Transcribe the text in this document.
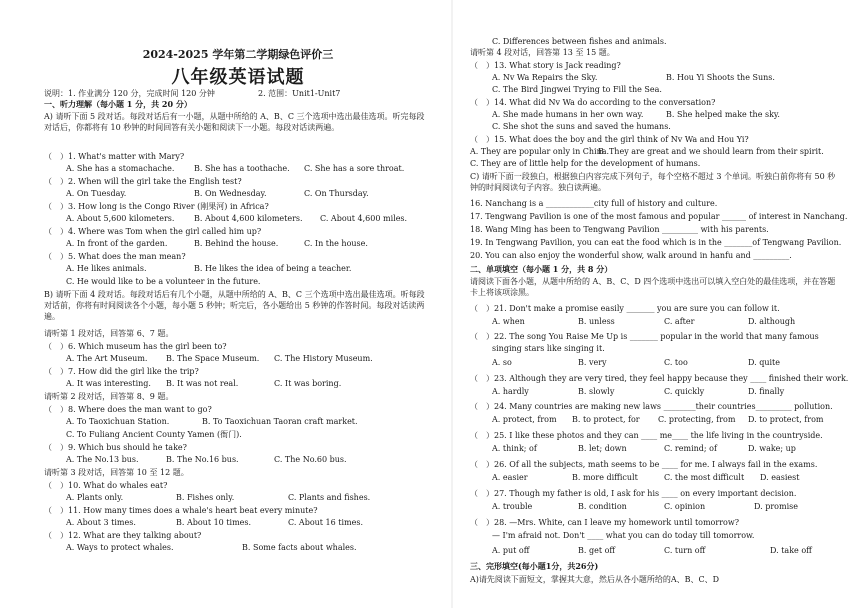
2024-2025 学年第二学期绿色评价三
八年级英语试题
说明：1. 作业满分 120 分，完成时间 120 分钟	2. 范围：Unit1-Unit7
一、听力理解（每小题 1 分，共 20 分）
A) 请听下面 5 段对话。每段对话后有一小题，从题中所给的 A、B、C 三个选项中选出最佳选项。听完每段对话后，你都将有 10 秒钟的时间回答有关小题和阅读下一小题。每段对话读两遍。
（　）1. What's matter with Mary?
A. She has a stomachache. B. She has a toothache. C. She has a sore throat.
（　）2. When will the girl take the English test?
A. On Tuesday.	B. On Wednesday.	C. On Thursday.
（　）3. How long is the Congo River (刚果河) in Africa?
A. About 5,600 kilometers. B. About 4,600 kilometers. C. About 4,600 miles.
（　）4. Where was Tom when the girl called him up?
A. In front of the garden.	B. Behind the house.	C. In the house.
（　）5. What does the man mean?
A. He likes animals.	B. He likes the idea of being a teacher.
C. He would like to be a volunteer in the future.
B) 请听下面 4 段对话。每段对话后有几个小题，从题中所给的 A、B、C 三个选项中选出最佳选项。听每段对话前，你将有时间阅读各个小题，每小题 5 秒钟；听完后，各小题给出 5 秒钟的作答时间。每段对话读两遍。
请听第 1 段对话，回答第 6、7 题。
（　）6. Which museum has the girl been to?
A. The Art Museum. B. The Space Museum. C. The History Museum.
（　）7. How did the girl like the trip?
A. It was interesting. B. It was not real.	C. It was boring.
请听第 2 段对话，回答第 8、9 题。
（　）8. Where does the man want to go?
A. To Taoxichuan Station.	B. To Taoxichuan Taoran craft market.
C. To Fuliang Ancient County Yamen (衙门).
（　）9. Which bus should he take?
A. The No.13 bus.	B. The No.16 bus.	C. The No.60 bus.
请听第 3 段对话，回答第 10 至 12 题。
（　）10. What do whales eat?
A. Plants only.	B. Fishes only.	C. Plants and fishes.
（　）11. How many times does a whale's heart beat every minute?
A. About 3 times.	B. About 10 times.	C. About 16 times.
（　）12. What are they talking about?
A. Ways to protect whales.	B. Some facts about whales.
C. Differences between fishes and animals.
请听第 4 段对话，回答第 13 至 15 题。
（　）13. What story is Jack reading?
A. Nv Wa Repairs the Sky.	B. Hou Yi Shoots the Suns.
C. The Bird Jingwei Trying to Fill the Sea.
（　）14. What did Nv Wa do according to the conversation?
A. She made humans in her own way.	B. She helped make the sky.
C. She shot the suns and saved the humans.
（　）15. What does the boy and the girl think of Nv Wa and Hou Yi?
A. They are popular only in China.
B. They are great and we should learn from their spirit.
C. They are of little help for the development of humans.
C) 请听下面一段独白，根据独白内容完成下列句子，每个空格不超过 3 个单词。听独白前你将有 50 秒钟的时间阅读句子内容。独白读两遍。
16. Nanchang is a ____________city full of history and culture.
17. Tengwang Pavilion is one of the most famous and popular ______ of interest in Nanchang.
18. Wang Ming has been to Tengwang Pavilion _________ with his parents.
19. In Tengwang Pavilion, you can eat the food which is in the _______of Tengwang Pavilion.
20. You can also enjoy the wonderful show, walk around in hanfu and _________.
二、单项填空（每小题 1 分，共 8 分）
请阅读下面各小题，从题中所给的 A、B、C、D 四个选项中选出可以填入空白处的最佳选项，并在答题卡上将该项涂黑。
（　）21. Don't make a promise easily _______ you are sure you can follow it.
A. when	B. unless	C. after	D. although
（　）22. The song You Raise Me Up is _______ popular in the world that many famous
singing stars like singing it.
A. so	B. very	C. too	D. quite
（　）23. Although they are very tired, they feel happy because they ____ finished their work.
A. hardly	B. slowly	C. quickly	D. finally
（　）24. Many countries are making new laws ________their countries_________ pollution.
A. protect, from B. to protect, for C. protecting, from D. to protect, from
（　）25. I like these photos and they can ____ me____ the life living in the countryside.
A. think; of	B. let; down	C. remind; of	D. wake; up
（　）26. Of all the subjects, math seems to be ____ for me. I always fail in the exams.
A. easier	B. more difficult	C. the most difficult D. easiest
（　）27. Though my father is old, I ask for his ____ on every important decision.
A. trouble	B. condition	C. opinion	D. promise
（　）28. —Mrs. White, can I leave my homework until tomorrow?
— I'm afraid not. Don't ____ what you can do today till tomorrow.
A. put off	B. get off	C. turn off	D. take off
三、完形填空(每小题1分，共26分)
A)请先阅读下面短文，掌握其大意，然后从各小题所给的A、B、C、D
